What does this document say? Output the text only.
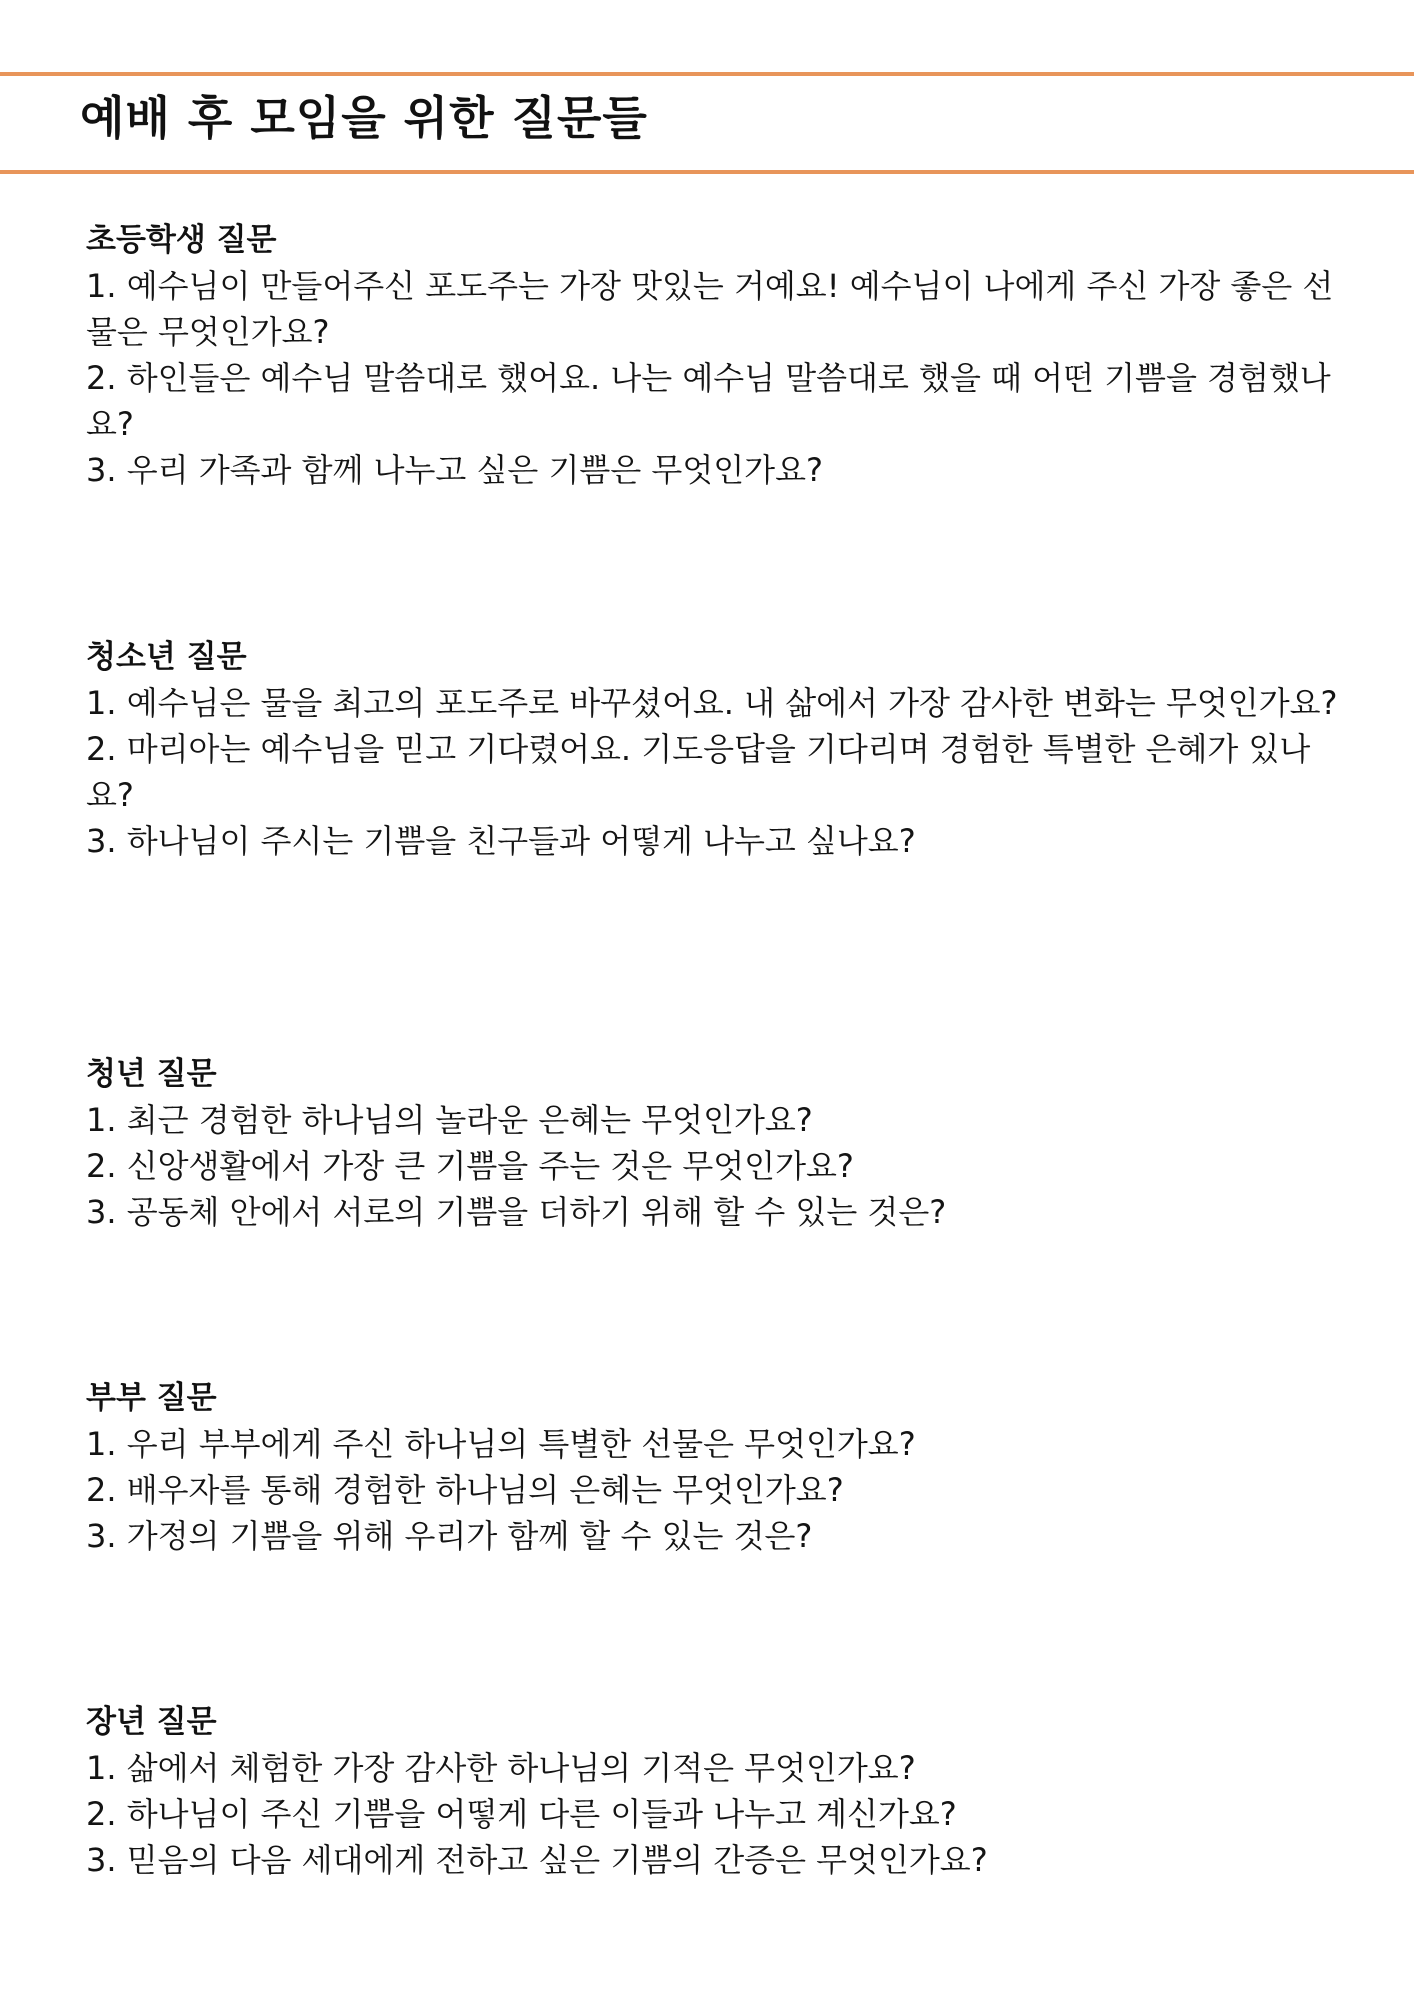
예배 후 모임을 위한 질문들
초등학생 질문
1. 예수님이 만들어주신 포도주는 가장 맛있는 거예요! 예수님이 나에게 주신 가장 좋은 선물은 무엇인가요?
2. 하인들은 예수님 말씀대로 했어요. 나는 예수님 말씀대로 했을 때 어떤 기쁨을 경험했나요?
3. 우리 가족과 함께 나누고 싶은 기쁨은 무엇인가요?
청소년 질문
1. 예수님은 물을 최고의 포도주로 바꾸셨어요. 내 삶에서 가장 감사한 변화는 무엇인가요?
2. 마리아는 예수님을 믿고 기다렸어요. 기도응답을 기다리며 경험한 특별한 은혜가 있나요?
3. 하나님이 주시는 기쁨을 친구들과 어떻게 나누고 싶나요?
청년 질문
1. 최근 경험한 하나님의 놀라운 은혜는 무엇인가요?
2. 신앙생활에서 가장 큰 기쁨을 주는 것은 무엇인가요?
3. 공동체 안에서 서로의 기쁨을 더하기 위해 할 수 있는 것은?
부부 질문
1. 우리 부부에게 주신 하나님의 특별한 선물은 무엇인가요?
2. 배우자를 통해 경험한 하나님의 은혜는 무엇인가요?
3. 가정의 기쁨을 위해 우리가 함께 할 수 있는 것은?
장년 질문
1. 삶에서 체험한 가장 감사한 하나님의 기적은 무엇인가요?
2. 하나님이 주신 기쁨을 어떻게 다른 이들과 나누고 계신가요?
3. 믿음의 다음 세대에게 전하고 싶은 기쁨의 간증은 무엇인가요?
